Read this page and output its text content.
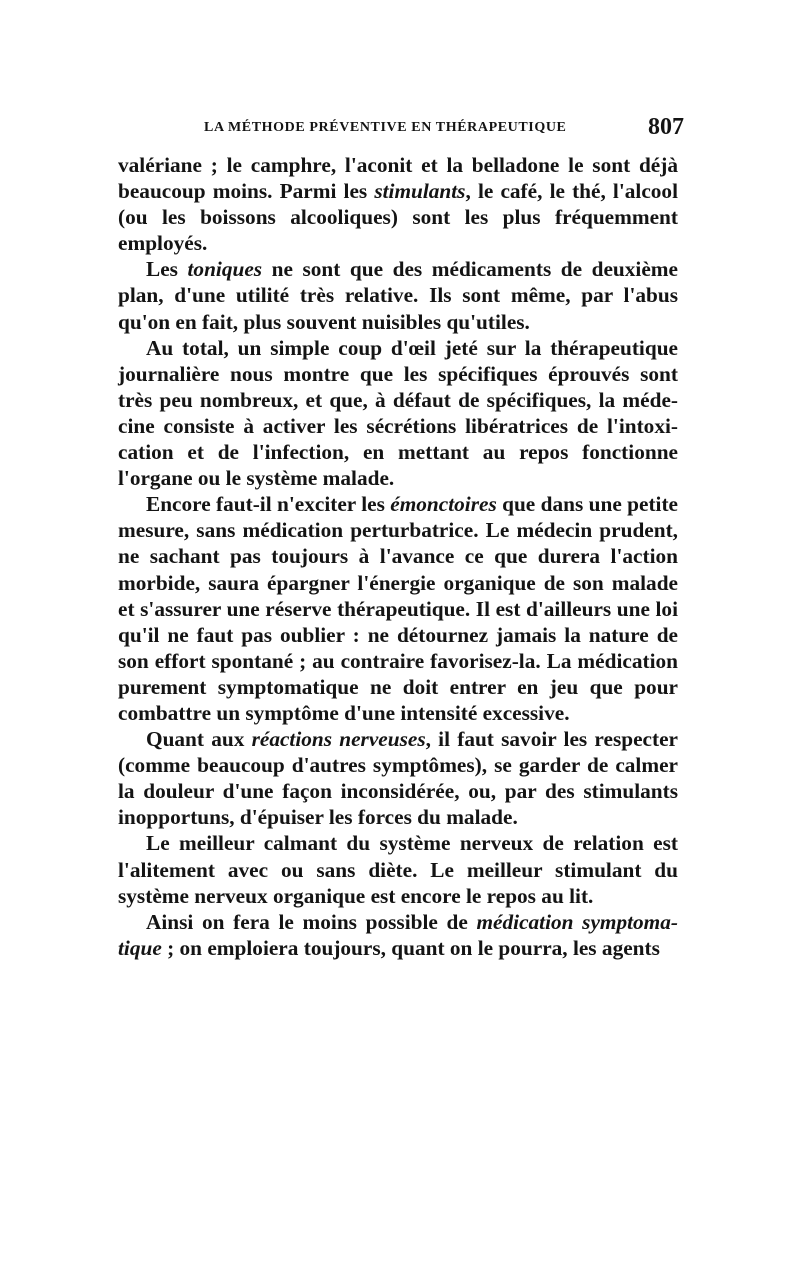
LA MÉTHODE PRÉVENTIVE EN THÉRAPEUTIQUE	807

valériane ; le camphre, l'aconit et la belladone le sont déjà beaucoup moins. Parmi les stimulants, le café, le thé, l'alcool (ou les boissons alcooliques) sont les plus fréquemment employés.

Les toniques ne sont que des médicaments de deuxième plan, d'une utilité très relative. Ils sont même, par l'abus qu'on en fait, plus souvent nuisibles qu'utiles.

Au total, un simple coup d'œil jeté sur la thérapeutique journalière nous montre que les spécifiques éprouvés sont très peu nombreux, et que, à défaut de spécifiques, la médecine consiste à activer les sécrétions libératrices de l'intoxication et de l'infection, en mettant au repos fonctionne l'organe ou le système malade.

Encore faut-il n'exciter les émonctoires que dans une petite mesure, sans médication perturbatrice. Le médecin prudent, ne sachant pas toujours à l'avance ce que durera l'action morbide, saura épargner l'énergie organique de son malade et s'assurer une réserve thérapeutique. Il est d'ailleurs une loi qu'il ne faut pas oublier : ne détournez jamais la nature de son effort spontané ; au contraire favorisez-la. La médication purement symptomatique ne doit entrer en jeu que pour combattre un symptôme d'une intensité excessive.

Quant aux réactions nerveuses, il faut savoir les respecter (comme beaucoup d'autres symptômes), se garder de calmer la douleur d'une façon inconsidérée, ou, par des stimulants inopportuns, d'épuiser les forces du malade.

Le meilleur calmant du système nerveux de relation est l'alitement avec ou sans diète. Le meilleur stimulant du système nerveux organique est encore le repos au lit.

Ainsi on fera le moins possible de médication symptomatique ; on emploiera toujours, quant on le pourra, les agents
